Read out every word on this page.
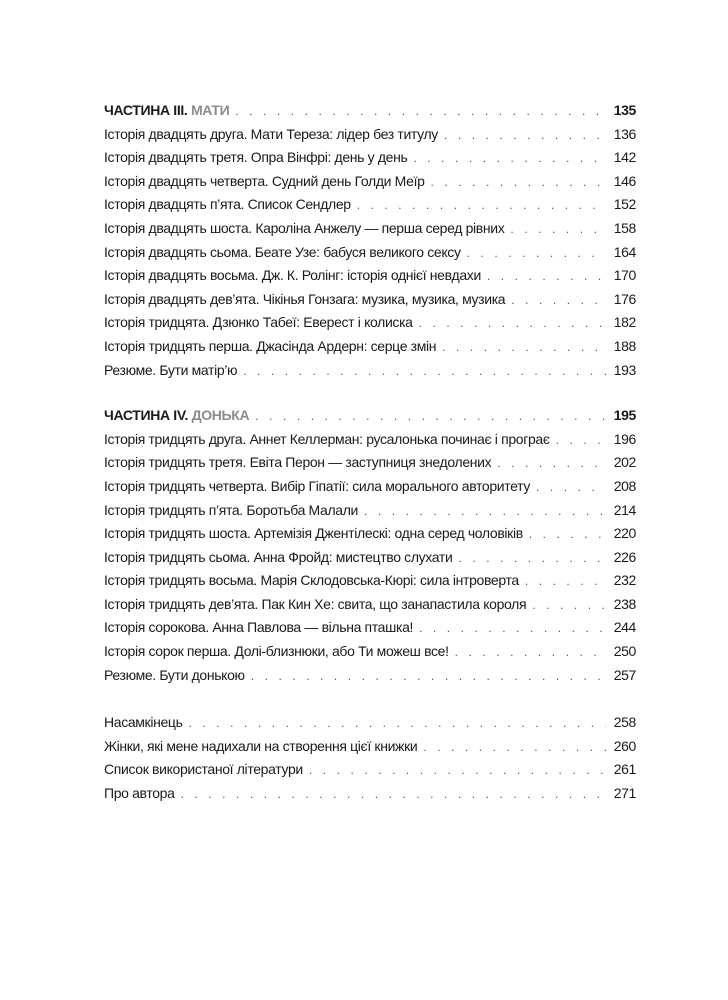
ЧАСТИНА ІІІ. МАТИ . . .	135
Історія двадцять друга. Мати Тереза: лідер без титулу . . .	136
Історія двадцять третя. Опра Вінфрі: день у день . . .	142
Історія двадцять четверта. Судний день Голди Меїр . . .	146
Історія двадцять п’ята. Список Сендлер . . .	152
Історія двадцять шоста. Кароліна Анжелу — перша серед рівних . . .	158
Історія двадцять сьома. Беате Узе: бабуся великого сексу . . .	164
Історія двадцять восьма. Дж. К. Ролінг: історія однієї невдахи . . .	170
Історія двадцять дев’ята. Чікінья Гонзага: музика, музика, музика . . .	176
Історія тридцята. Дзюнко Табеї: Еверест і колиска . . .	182
Історія тридцять перша. Джасінда Ардерн: серце змін . . .	188
Резюме. Бути матір’ю . . .	193
ЧАСТИНА IV. ДОНЬКА . . .	195
Історія тридцять друга. Аннет Келлерман: русалонька починає і програє . . .	196
Історія тридцять третя. Евіта Перон — заступниця знедолених . . .	202
Історія тридцять четверта. Вибір Гіпатії: сила морального авторитету . . .	208
Історія тридцять п’ята. Боротьба Малали . . .	214
Історія тридцять шоста. Артемізія Джентілескі: одна серед чоловіків . . .	220
Історія тридцять сьома. Анна Фройд: мистецтво слухати . . .	226
Історія тридцять восьма. Марія Склодовська-Кюрі: сила інтроверта . . .	232
Історія тридцять дев’ята. Пак Кин Хе: свита, що занапастила короля . . .	238
Історія сорокова. Анна Павлова — вільна пташка! . . .	244
Історія сорок перша. Долі-близнюки, або Ти можеш все! . . .	250
Резюме. Бути донькою . . .	257
Насамкінець . . .	258
Жінки, які мене надихали на створення цієї книжки . . .	260
Список використаної літератури . . .	261
Про автора . . .	271
